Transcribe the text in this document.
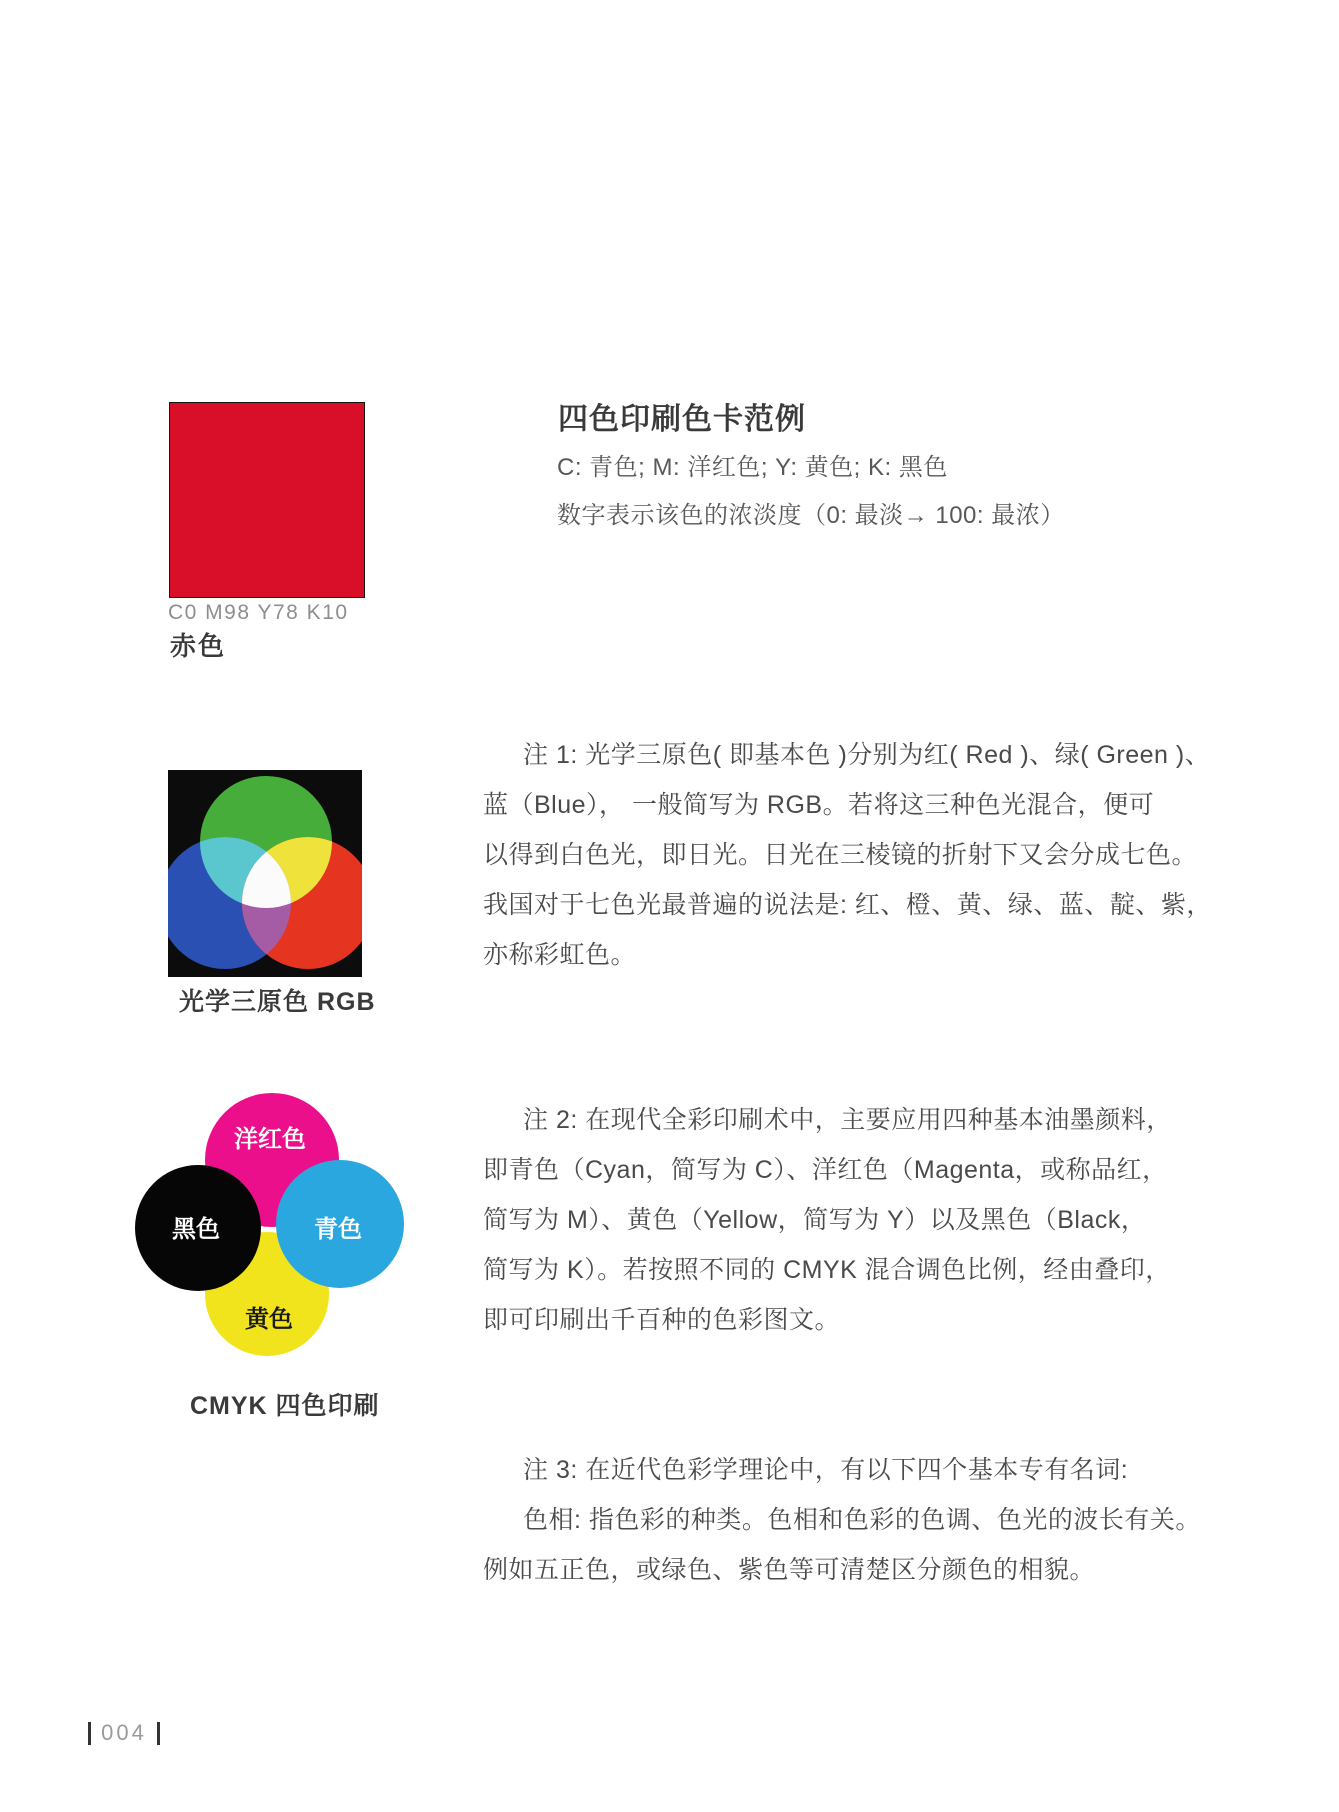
C0 M98 Y78 K10
赤色
四色印刷色卡范例
C: 青色; M: 洋红色; Y: 黄色; K: 黑色
数字表示该色的浓淡度（0: 最淡→ 100: 最浓）
光学三原色 RGB
洋红色
黑色	青色
黄色
CMYK 四色印刷
注 1: 光学三原色( 即基本色 )分别为红( Red )、绿( Green )、
蓝（Blue）， 一般简写为 RGB。若将这三种色光混合，便可
以得到白色光，即日光。日光在三棱镜的折射下又会分成七色。
我国对于七色光最普遍的说法是: 红、橙、黄、绿、蓝、靛、紫，
亦称彩虹色。
注 2: 在现代全彩印刷术中，主要应用四种基本油墨颜料，
即青色（Cyan，简写为 C）、洋红色（Magenta，或称品红，
简写为 M）、黄色（Yellow，简写为 Y）以及黑色（Black，
简写为 K）。若按照不同的 CMYK 混合调色比例，经由叠印，
即可印刷出千百种的色彩图文。
注 3: 在近代色彩学理论中，有以下四个基本专有名词:
色相: 指色彩的种类。色相和色彩的色调、色光的波长有关。
例如五正色，或绿色、紫色等可清楚区分颜色的相貌。
004
